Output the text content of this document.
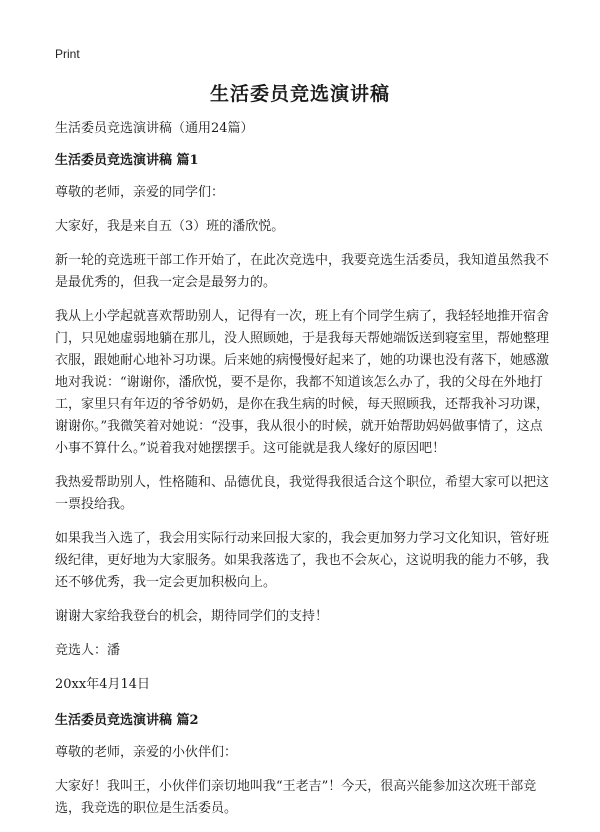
Print
生活委员竞选演讲稿

生活委员竞选演讲稿（通用24篇）

生活委员竞选演讲稿 篇1

尊敬的老师，亲爱的同学们：

大家好，我是来自五（3）班的潘欣悦。

新一轮的竞选班干部工作开始了，在此次竞选中，我要竞选生活委员，我知道虽然我不是最优秀的，但我一定会是最努力的。

我从上小学起就喜欢帮助别人，记得有一次，班上有个同学生病了，我轻轻地推开宿舍门，只见她虚弱地躺在那儿，没人照顾她，于是我每天帮她端饭送到寝室里，帮她整理衣服，跟她耐心地补习功课。后来她的病慢慢好起来了，她的功课也没有落下，她感激地对我说：“谢谢你，潘欣悦，要不是你，我都不知道该怎么办了，我的父母在外地打工，家里只有年迈的爷爷奶奶，是你在我生病的时候，每天照顾我，还帮我补习功课，谢谢你。”我微笑着对她说：“没事，我从很小的时候，就开始帮助妈妈做事情了，这点小事不算什么。”说着我对她摆摆手。这可能就是我人缘好的原因吧！

我热爱帮助别人，性格随和、品德优良，我觉得我很适合这个职位，希望大家可以把这一票投给我。

如果我当入选了，我会用实际行动来回报大家的，我会更加努力学习文化知识，管好班级纪律，更好地为大家服务。如果我落选了，我也不会灰心，这说明我的能力不够，我还不够优秀，我一定会更加积极向上。

谢谢大家给我登台的机会，期待同学们的支持！

竞选人：潘

20xx年4月14日

生活委员竞选演讲稿 篇2

尊敬的老师，亲爱的小伙伴们：

大家好！我叫王，小伙伴们亲切地叫我“王老吉”！今天，很高兴能参加这次班干部竞选，我竞选的职位是生活委员。
